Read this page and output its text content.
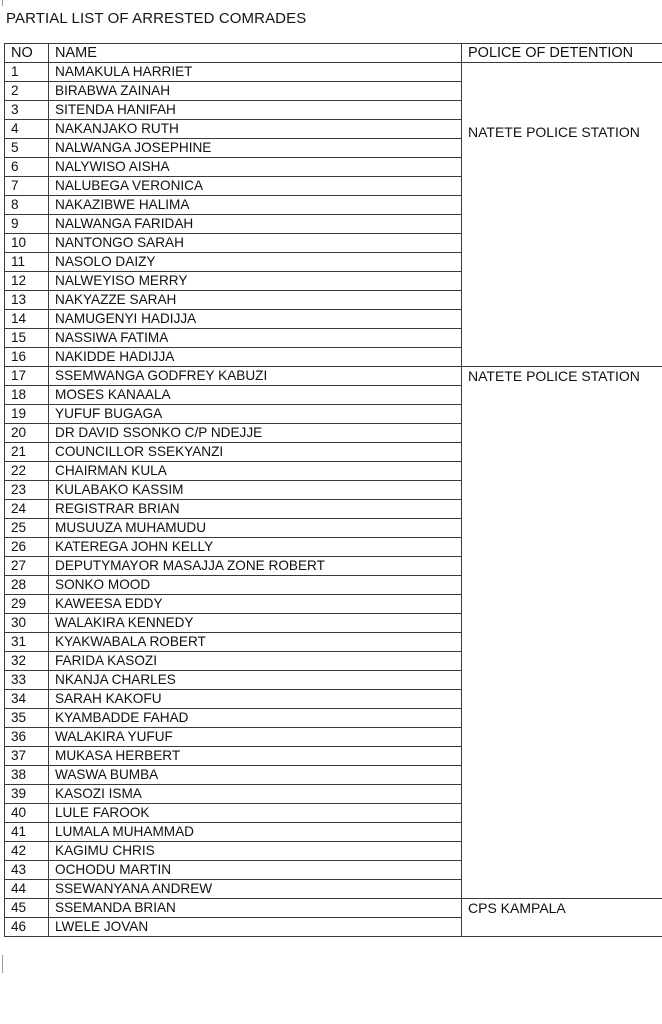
PARTIAL LIST OF ARRESTED COMRADES
NO	NAME	POLICE OF DETENTION
1	NAMAKULA HARRIET	NATETE POLICE STATION

2	BIRABWA ZAINAH	
3	SITENDA HANIFAH	
4	NAKANJAKO RUTH	
5	NALWANGA JOSEPHINE	
6	NALYWISO AISHA	
7	NALUBEGA VERONICA	
8	NAKAZIBWE HALIMA	
9	NALWANGA FARIDAH	
10	NANTONGO SARAH	
11	NASOLO DAIZY	
12	NALWEYISO MERRY	
13	NAKYAZZE SARAH	
14	NAMUGENYI HADIJJA	
15	NASSIWA FATIMA	
16	NAKIDDE HADIJJA	
17	SSEMWANGA GODFREY KABUZI	NATETE POLICE STATION

18	MOSES KANAALA	
19	YUFUF BUGAGA	
20	DR DAVID SSONKO C/P NDEJJE	
21	COUNCILLOR SSEKYANZI	
22	CHAIRMAN KULA	
23	KULABAKO KASSIM	
24	REGISTRAR BRIAN	
25	MUSUUZA MUHAMUDU	
26	KATEREGA JOHN KELLY	
27	DEPUTYMAYOR MASAJJA ZONE ROBERT	
28	SONKO MOOD	
29	KAWEESA EDDY	
30	WALAKIRA KENNEDY	
31	KYAKWABALA ROBERT	
32	FARIDA KASOZI	
33	NKANJA CHARLES	
34	SARAH KAKOFU	
35	KYAMBADDE FAHAD	
36	WALAKIRA YUFUF	
37	MUKASA HERBERT	
38	WASWA BUMBA	
39	KASOZI ISMA	
40	LULE FAROOK	
41	LUMALA MUHAMMAD	
42	KAGIMU CHRIS	
43	OCHODU MARTIN	
44	SSEWANYANA ANDREW	
45	SSEMANDA BRIAN	CPS KAMPALA

46	LWELE JOVAN	
